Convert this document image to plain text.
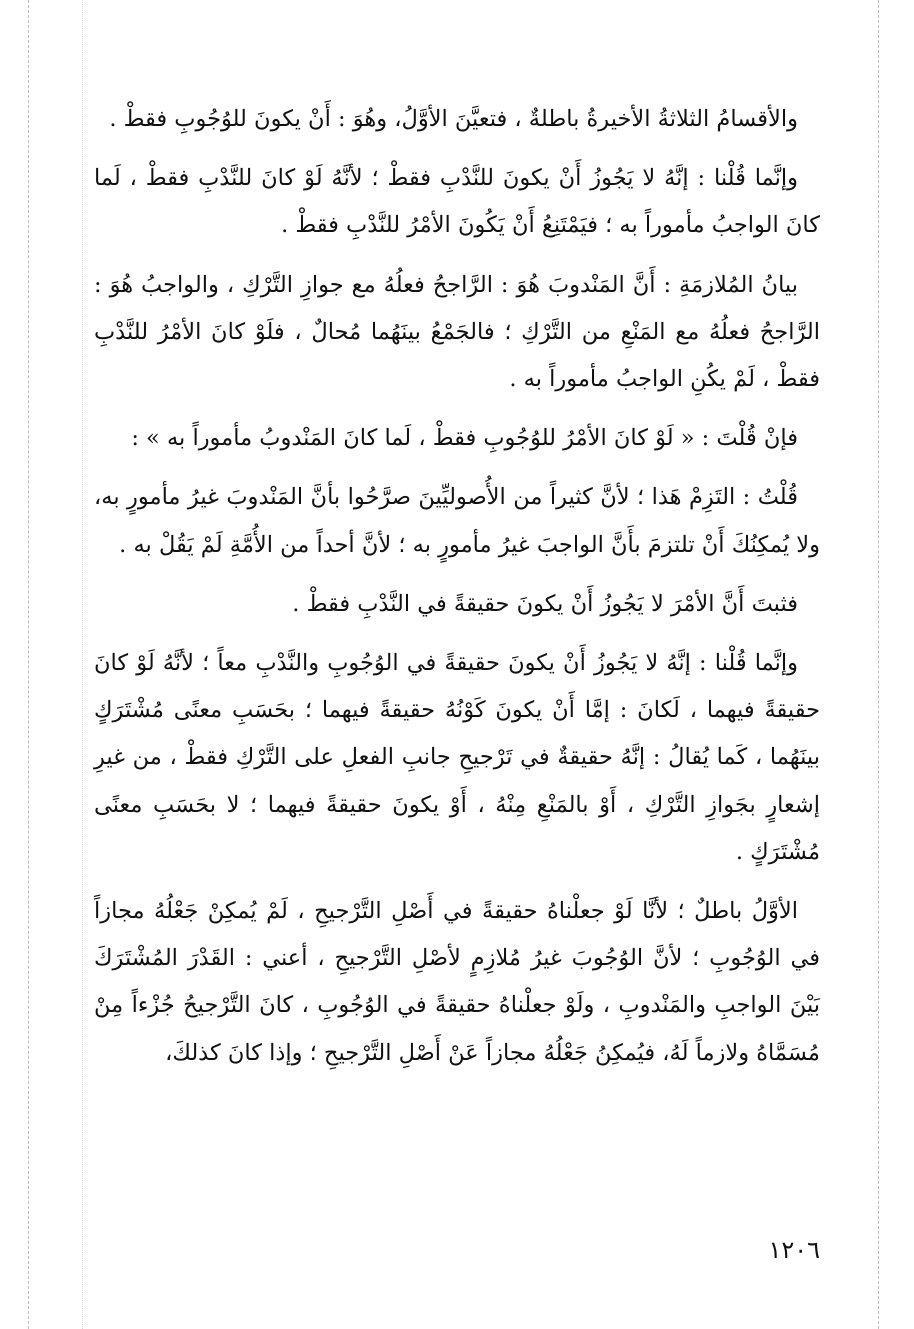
والأقسامُ الثلاثةُ الأخيرةُ باطلةٌ ، فتعيَّنَ الأوَّلُ، وهُوَ : أَنْ يكونَ للوُجُوبِ فقطْ .

وإنَّما قُلْنا : إنَّهُ لا يَجُوزُ أَنْ يكونَ للنَّدْبِ فقطْ ؛ لأنَّهُ لَوْ كانَ للنَّدْبِ فقطْ ، لَما كانَ الواجبُ مأموراً به ؛ فيَمْتَنِعُ أَنْ يَكُونَ الأمْرُ للنَّدْبِ فقطْ .

بيانُ المُلازمَةِ : أَنَّ المَنْدوبَ هُوَ : الرَّاجحُ فعلُهُ مع جوازِ التَّرْكِ ، والواجبُ هُوَ : الرَّاجحُ فعلُهُ مع المَنْعِ من التَّرْكِ ؛ فالجَمْعُ بينَهُما مُحالٌ ، فلَوْ كانَ الأمْرُ للنَّدْبِ فقطْ ، لَمْ يكُنِ الواجبُ مأموراً به .

فإنْ قُلْتَ : « لَوْ كانَ الأمْرُ للوُجُوبِ فقطْ ، لَما كانَ المَنْدوبُ مأموراً به » :

قُلْتُ : التَزِمْ هَذا ؛ لأنَّ كثيراً من الأُصوليِّينَ صرَّحُوا بأنَّ المَنْدوبَ غيرُ مأمورٍ به، ولا يُمكِنُكَ أَنْ تلتزمَ بأَنَّ الواجبَ غيرُ مأمورٍ به ؛ لأنَّ أحداً من الأُمَّةِ لَمْ يَقُلْ به .

فثبتَ أَنَّ الأمْرَ لا يَجُوزُ أَنْ يكونَ حقيقةً في النَّدْبِ فقطْ .

وإنَّما قُلْنا : إنَّهُ لا يَجُوزُ أَنْ يكونَ حقيقةً في الوُجُوبِ والنَّدْبِ معاً ؛ لأنَّهُ لَوْ كانَ حقيقةً فيهما ، لَكانَ : إمَّا أَنْ يكونَ كَوْنُهُ حقيقةً فيهما ؛ بحَسَبِ معنًى مُشْتَرَكٍ بينَهُما ، كَما يُقالُ : إنَّهُ حقيقةٌ في تَرْجيحِ جانبِ الفعلِ على التَّرْكِ فقطْ ، من غيرِ إشعارٍ بجَوازِ التَّرْكِ ، أَوْ بالمَنْعِ مِنْهُ ، أَوْ يكونَ حقيقةً فيهما ؛ لا بحَسَبِ معنًى مُشْتَرَكٍ .

الأوَّلُ باطلٌ ؛ لأنَّا لَوْ جعلْناهُ حقيقةً في أَصْلِ التَّرْجيحِ ، لَمْ يُمكِنْ جَعْلُهُ مجازاً في الوُجُوبِ ؛ لأنَّ الوُجُوبَ غيرُ مُلازِمٍ لأصْلِ التَّرْجيحِ ، أعني : القَدْرَ المُشْتَرَكَ بَيْنَ الواجبِ والمَنْدوبِ ، ولَوْ جعلْناهُ حقيقةً في الوُجُوبِ ، كانَ التَّرْجيحُ جُزْءاً مِنْ مُسَمَّاهُ ولازماً لَهُ، فيُمكِنُ جَعْلُهُ مجازاً عَنْ أَصْلِ التَّرْجيحِ ؛ وإذا كانَ كذلكَ،

١٢٠٦
